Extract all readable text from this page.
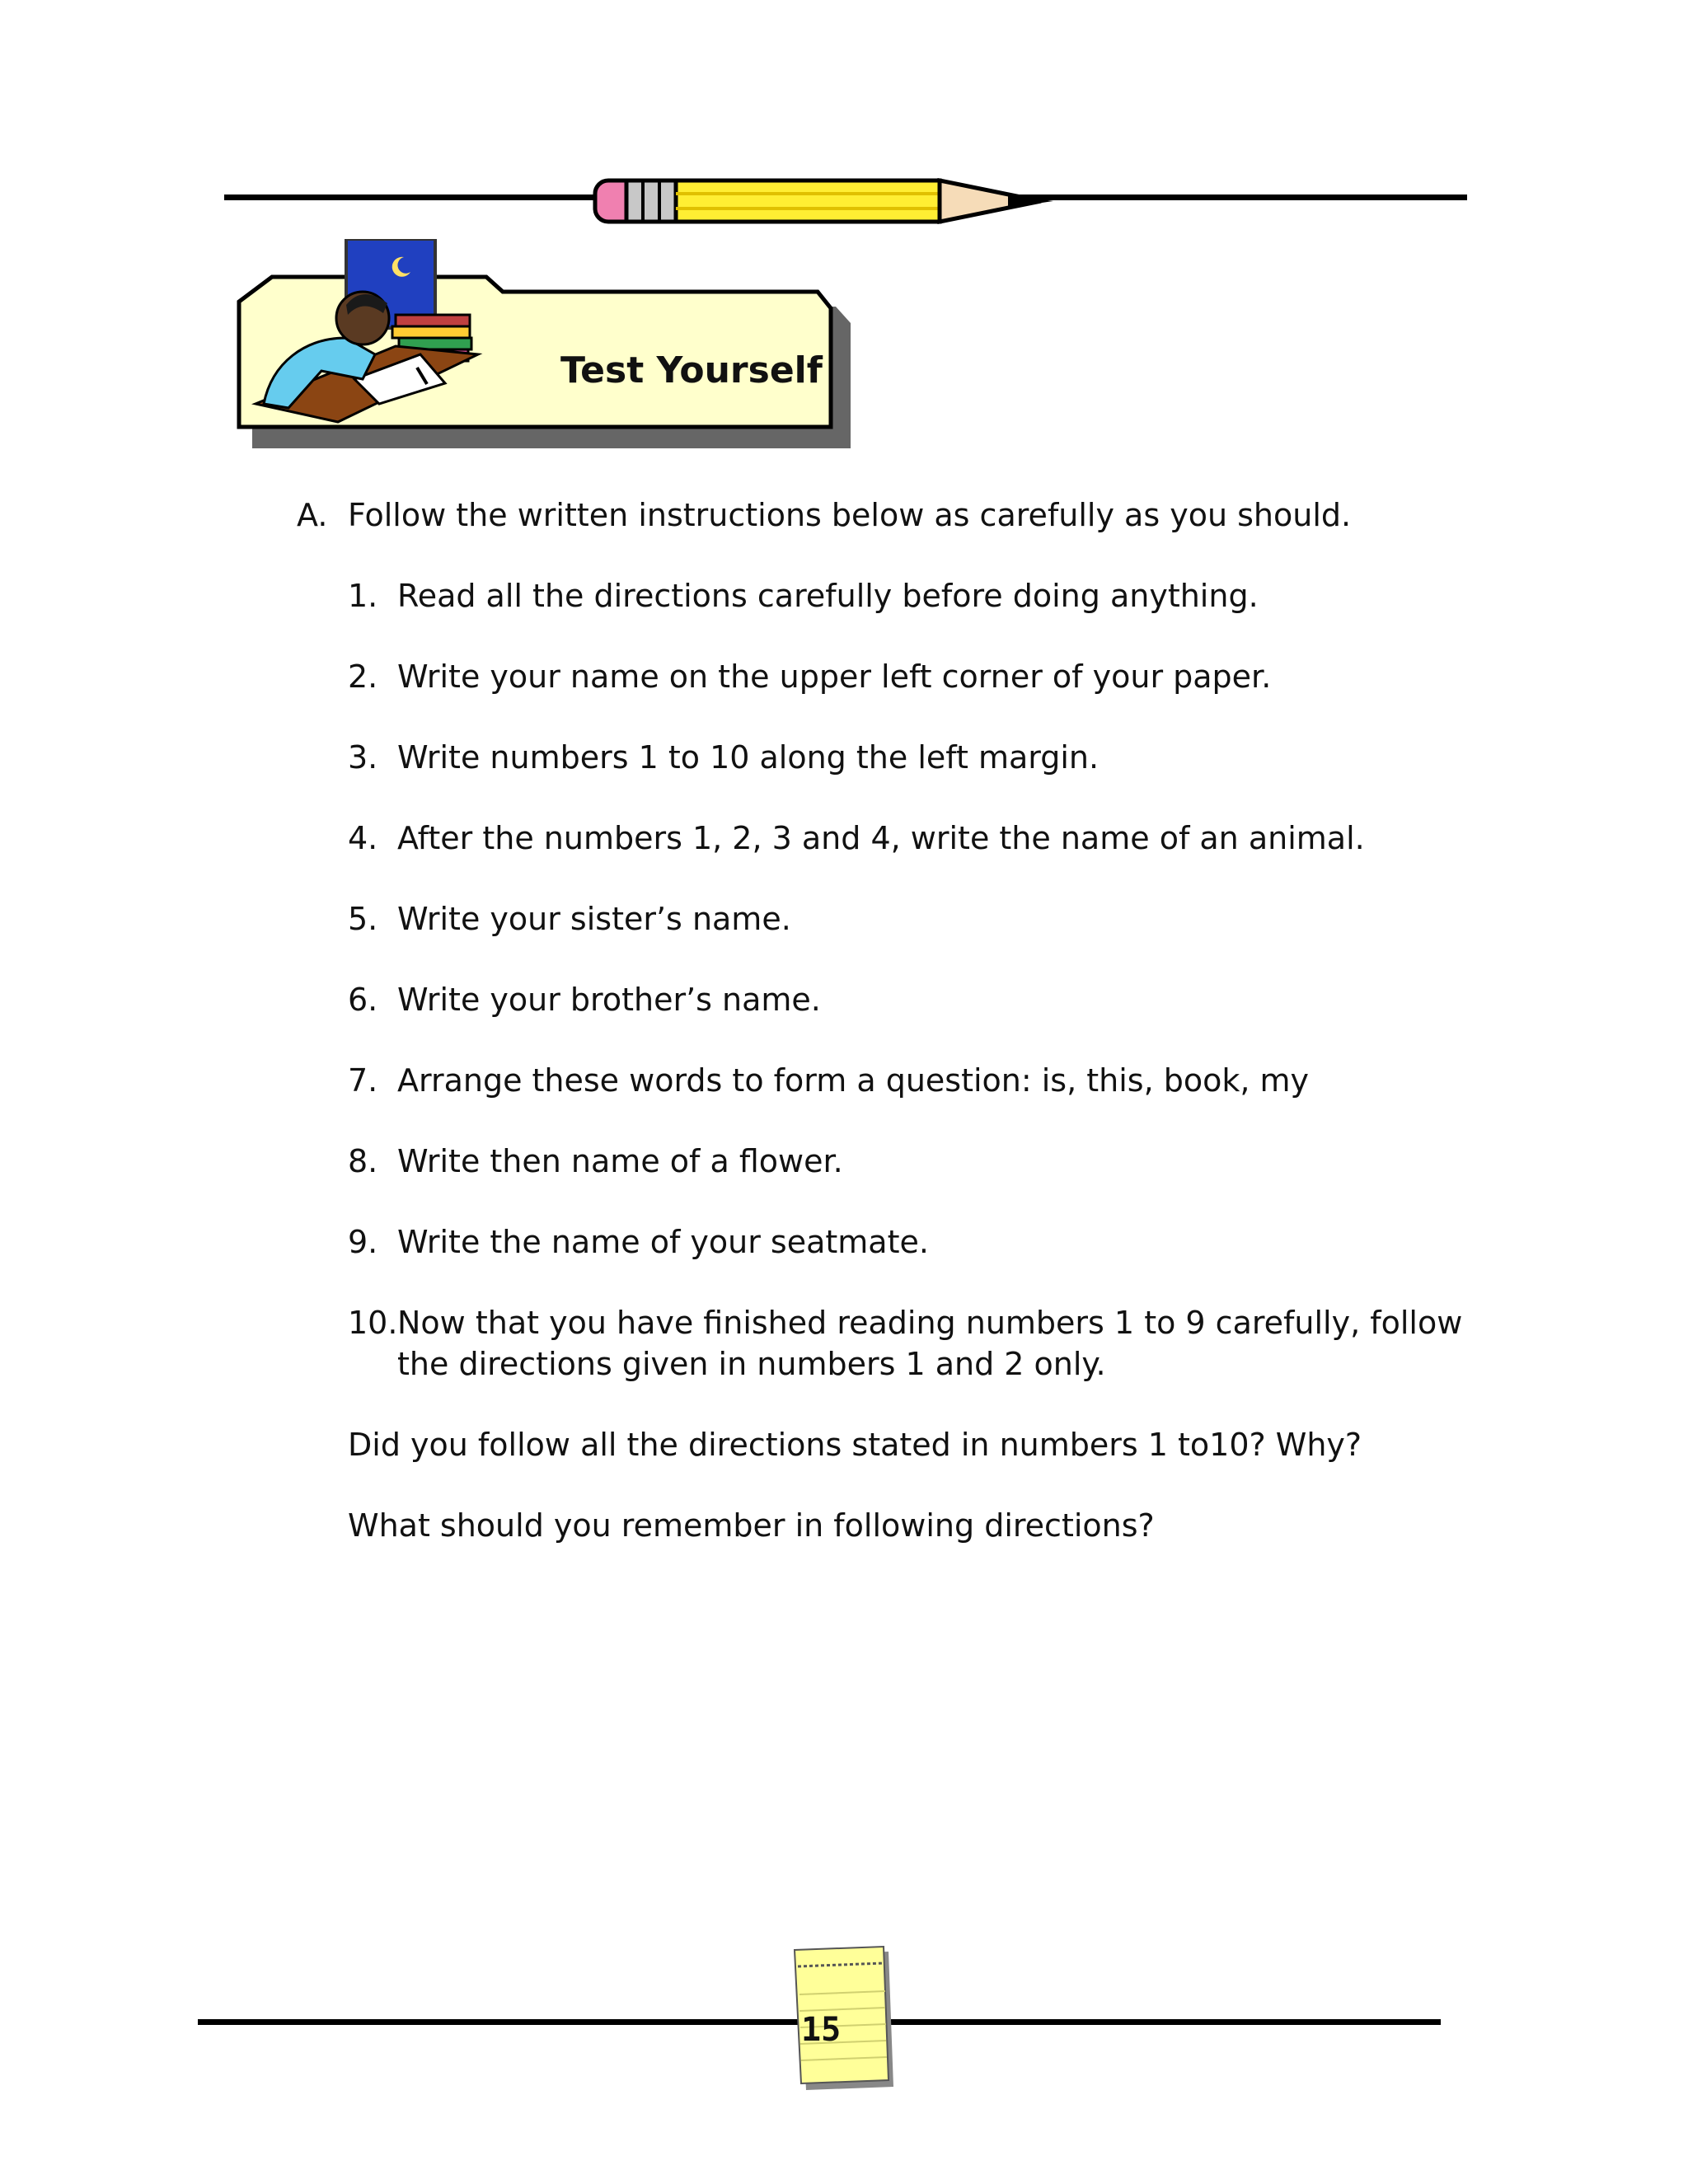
Test Yourself
A. Follow the written instructions below as carefully as you should.
1. Read all the directions carefully before doing anything.
2. Write your name on the upper left corner of your paper.
3. Write numbers 1 to 10 along the left margin.
4. After the numbers 1, 2, 3 and 4, write the name of an animal.
5. Write your sister’s name.
6. Write your brother’s name.
7. Arrange these words to form a question: is, this, book, my
8. Write then name of a flower.
9. Write the name of your seatmate.
10. Now that you have finished reading numbers 1 to 9 carefully, follow the directions given in numbers 1 and 2 only.
Did you follow all the directions stated in numbers 1 to10? Why?
What should you remember in following directions?
15
